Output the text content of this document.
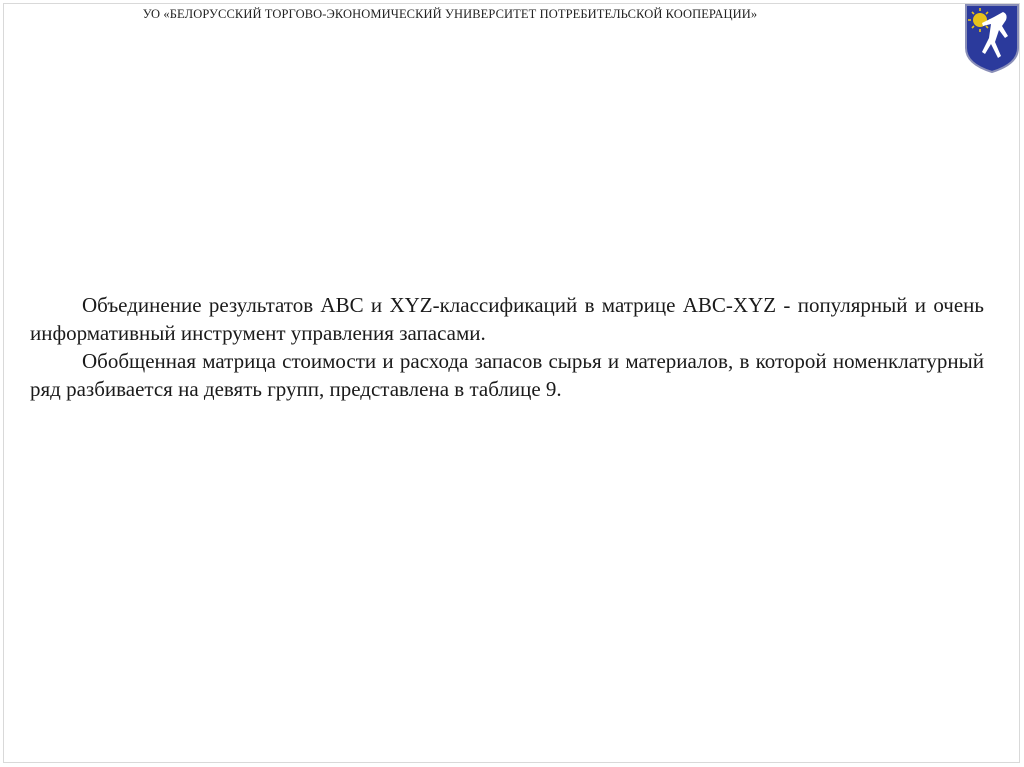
УО «БЕЛОРУССКИЙ ТОРГОВО-ЭКОНОМИЧЕСКИЙ УНИВЕРСИТЕТ ПОТРЕБИТЕЛЬСКОЙ КООПЕРАЦИИ»

Объединение результатов АВС и XYZ-классификаций в матрице ABC-XYZ - популярный и очень информативный инструмент управления запасами.

Обобщенная матрица стоимости и расхода запасов сырья и материалов, в которой номенклатурный ряд разбивается на девять групп, представлена в таблице 9.
